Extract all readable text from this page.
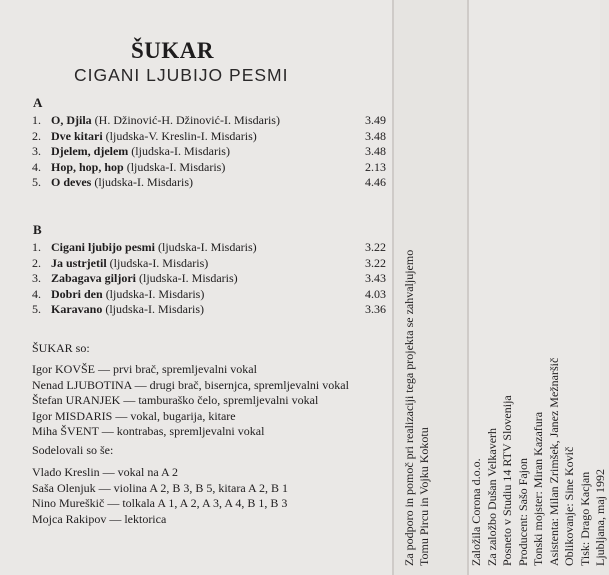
ŠUKAR
CIGANI LJUBIJO PESMI
A
1. O, Djila (H. Džinović-H. Džinović-I. Misdaris)	3.49
2. Dve kitari (ljudska-V. Kreslin-I. Misdaris)	3.48
3. Djelem, djelem (ljudska-I. Misdaris)	3.48
4. Hop, hop, hop (ljudska-I. Misdaris)	2.13
5. O deves (ljudska-I. Misdaris)	4.46
B
1. Cigani ljubijo pesmi (ljudska-I. Misdaris)	3.22
2. Ja ustrjetil (ljudska-I. Misdaris)	3.22
3. Zabagava giljori (ljudska-I. Misdaris)	3.43
4. Dobri den (ljudska-I. Misdaris)	4.03
5. Karavano (ljudska-I. Misdaris)	3.36
ŠUKAR so:
Igor KOVŠE — prvi brač, spremljevalni vokal
Nenad LJUBOTINA — drugi brač, bisernjca, spremljevalni vokal
Štefan URANJEK — tamburaško čelo, spremljevalni vokal
Igor MISDARIS — vokal, bugarija, kitare
Miha ŠVENT — kontrabas, spremljevalni vokal
Sodelovali so še:
Vlado Kreslin — vokal na A 2
Saša Olenjuk — violina A 2, B 3, B 5, kitara A 2, B 1
Nino Mureškič — tolkala A 1, A 2, A 3, A 4, B 1, B 3
Mojca Rakipov — lektorica	Za podporo in pomoč pri realizaciji tega projekta se zahvaljujemo Tomu Pircu in Vojku Kokotu	Založila Corona d.o.o. Za založbo Dušan Velkaverh Posneto v Studiu 14 RTV Slovenija Producent: Sašo Fajon Tonski mojster: Miran Kazafura Asistenta: Milan Zrimšek, Janez Mežnaršič Oblikovanje: Sine Kovič Tisk: Drago Kacjan Ljubljana, maj 1992
